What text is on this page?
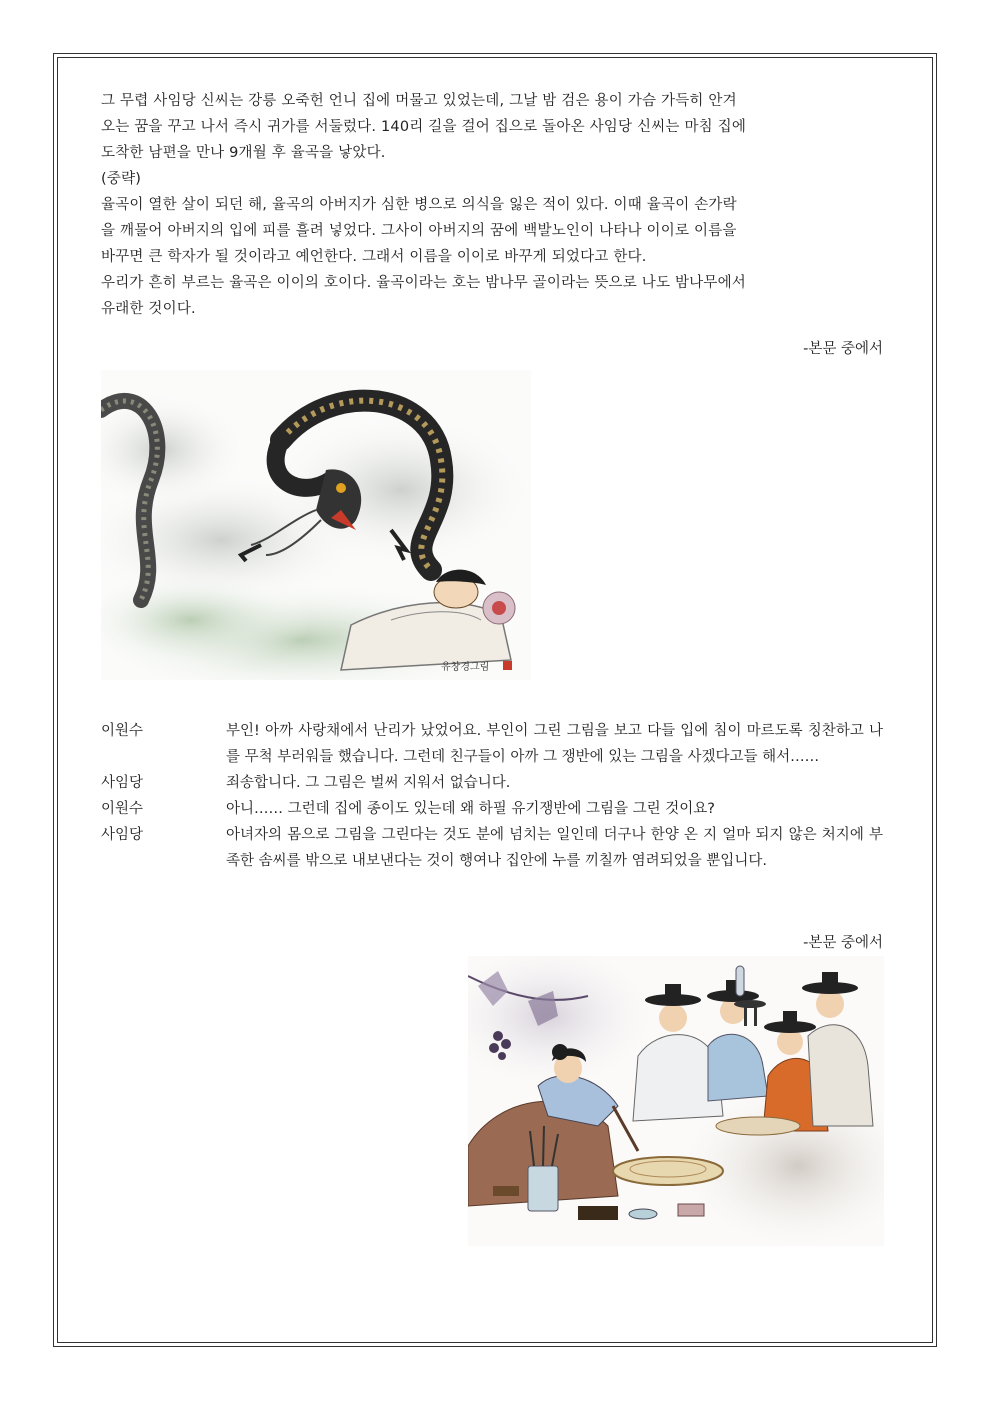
그 무렵 사임당 신씨는 강릉 오죽헌 언니 집에 머물고 있었는데, 그날 밤 검은 용이 가슴 가득히 안겨
오는 꿈을 꾸고 나서 즉시 귀가를 서둘렀다. 140리 길을 걸어 집으로 돌아온 사임당 신씨는 마침 집에
도착한 남편을 만나 9개월 후 율곡을 낳았다.
(중략)
율곡이 열한 살이 되던 해, 율곡의 아버지가 심한 병으로 의식을 잃은 적이 있다. 이때 율곡이 손가락
을 깨물어 아버지의 입에 피를 흘려 넣었다. 그사이 아버지의 꿈에 백발노인이 나타나 이이로 이름을
바꾸면 큰 학자가 될 것이라고 예언한다. 그래서 이름을 이이로 바꾸게 되었다고 한다.
우리가 흔히 부르는 율곡은 이이의 호이다. 율곡이라는 호는 밤나무 골이라는 뜻으로 나도 밤나무에서
유래한 것이다.
-본문 중에서
유창경그림
이원수	부인! 아까 사랑채에서 난리가 났었어요. 부인이 그린 그림을 보고 다들 입에 침이 마르도록 칭찬하고 나를 무척 부러워들 했습니다. 그런데 친구들이 아까 그 쟁반에 있는 그림을 사겠다고들 해서……
사임당	죄송합니다. 그 그림은 벌써 지워서 없습니다.
이원수	아니…… 그런데 집에 종이도 있는데 왜 하필 유기쟁반에 그림을 그린 것이요?
사임당	아녀자의 몸으로 그림을 그린다는 것도 분에 넘치는 일인데 더구나 한양 온 지 얼마 되지 않은 처지에 부족한 솜씨를 밖으로 내보낸다는 것이 행여나 집안에 누를 끼칠까 염려되었을 뿐입니다.
-본문 중에서
